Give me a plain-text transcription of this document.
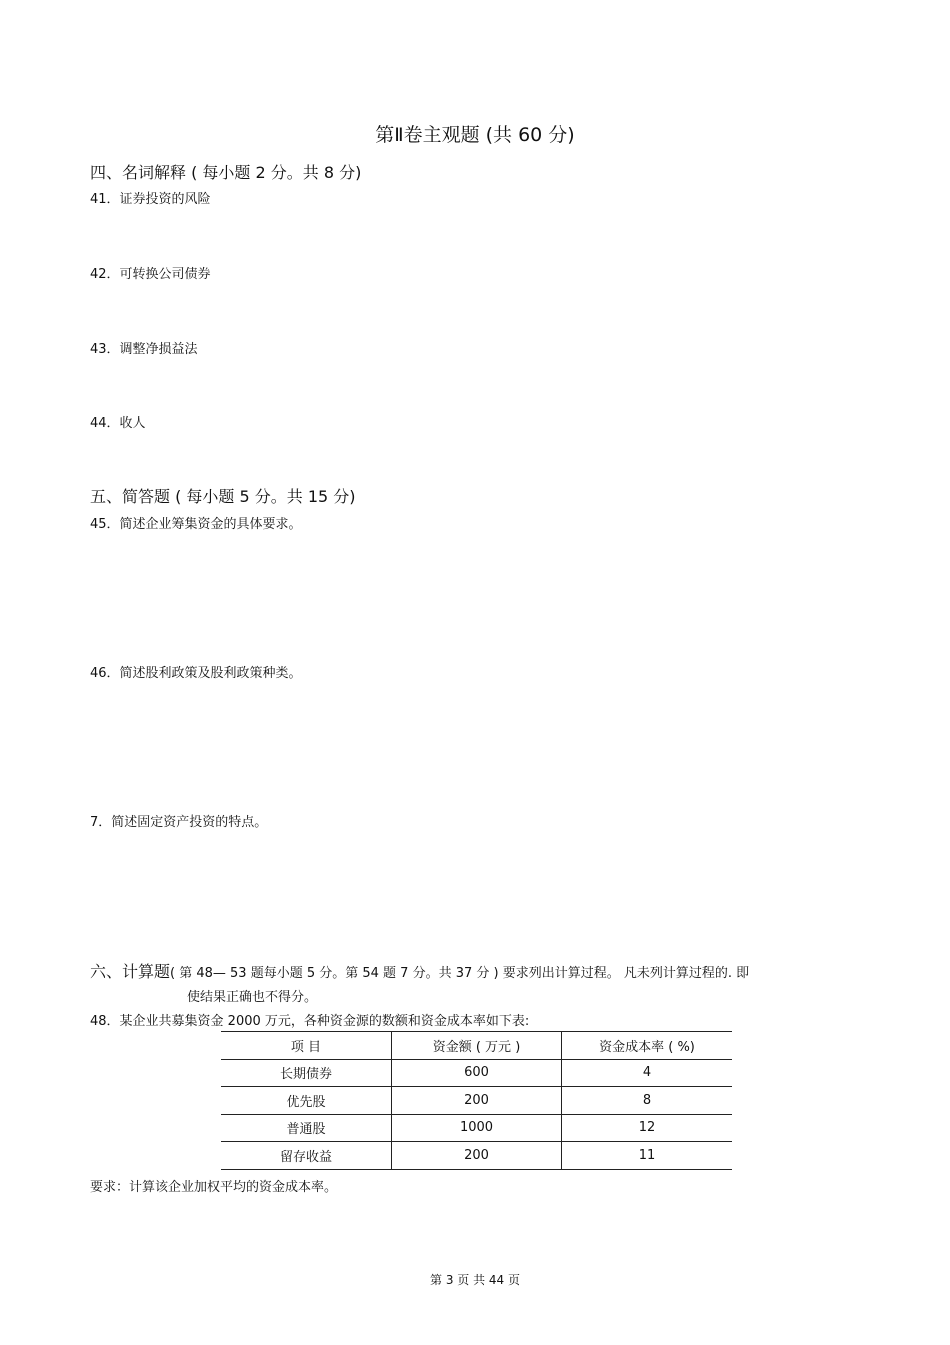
第Ⅱ卷主观题 (共 60 分)
四、名词解释 ( 每小题 2 分。共 8 分)
41．证券投资的风险
42．可转换公司债券
43．调整净损益法
44．收人
五、简答题 ( 每小题 5 分。共 15 分)
45．简述企业筹集资金的具体要求。
46．简述股利政策及股利政策种类。
7．简述固定资产投资的特点。
六、计算题( 第 48— 53 题每小题 5 分。第 54 题 7 分。共 37 分 ) 要求列出计算过程。 凡未列计算过程的. 即
使结果正确也不得分。
48．某企业共募集资金 2000 万元，各种资金源的数额和资金成本率如下表:
项 目	资金额 ( 万元 )	资金成本率 ( %)
长期债券	600	4
优先股	200	8
普通股	1000	12
留存收益	200	11
要求：计算该企业加权平均的资金成本率。
第 3 页 共 44 页
